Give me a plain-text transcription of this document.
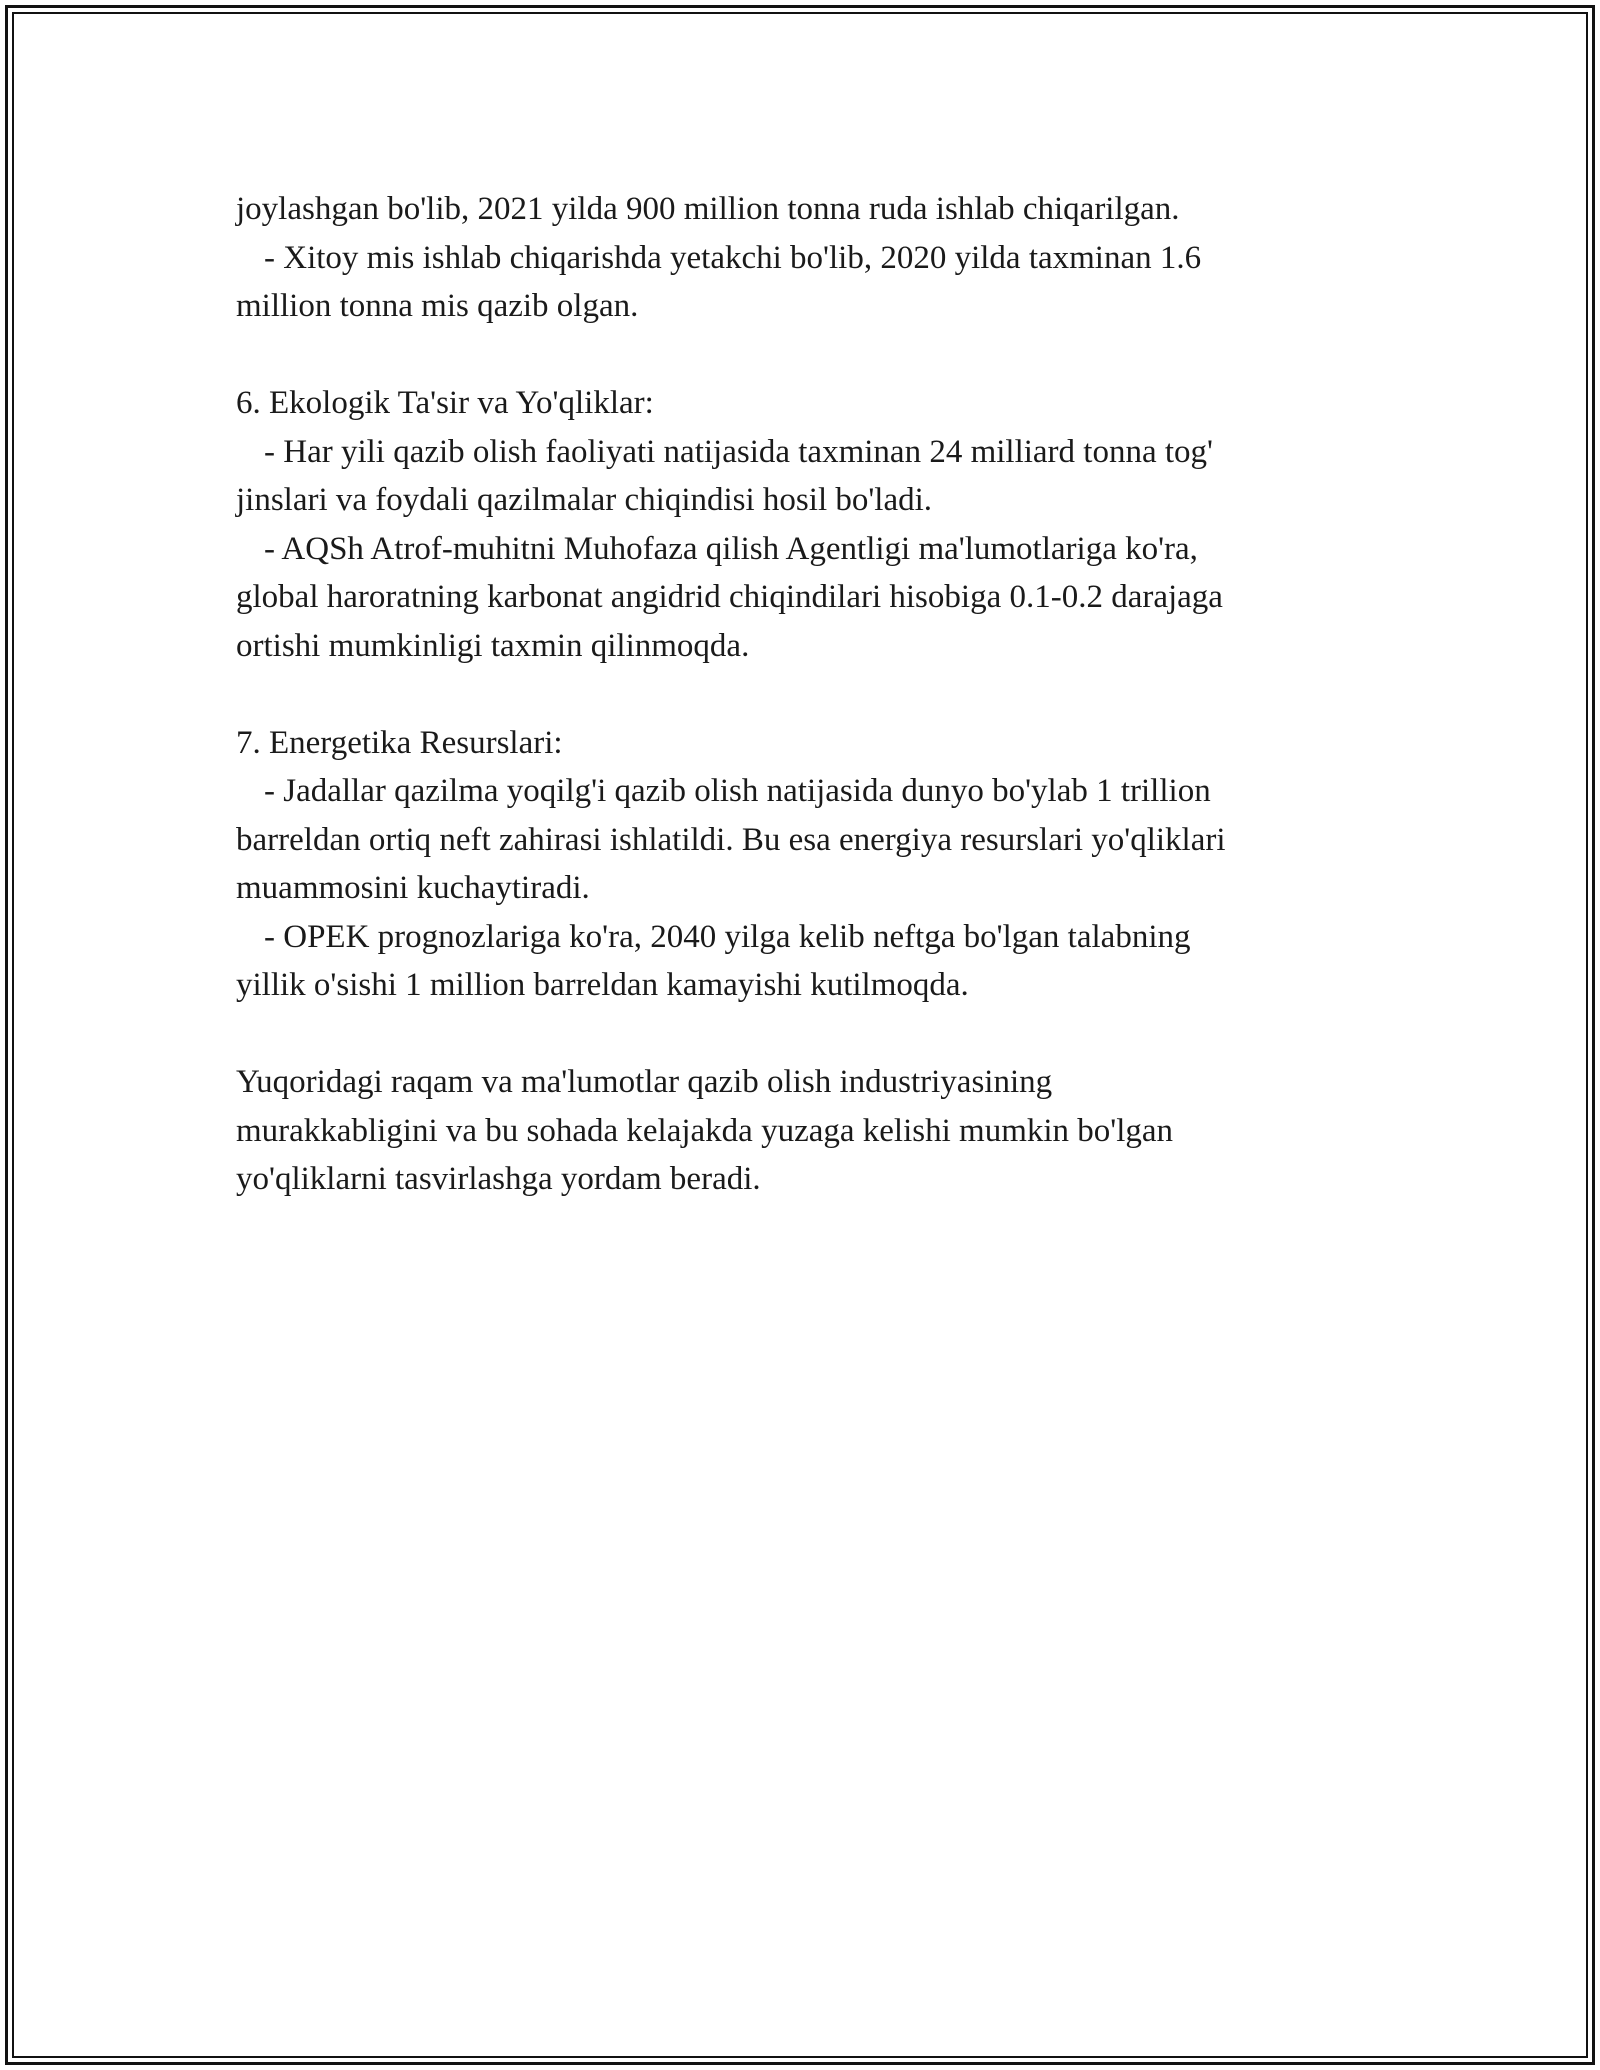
joylashgan bo'lib, 2021 yilda 900 million tonna ruda ishlab chiqarilgan.
- Xitoy mis ishlab chiqarishda yetakchi bo'lib, 2020 yilda taxminan 1.6
million tonna mis qazib olgan.
6. Ekologik Ta'sir va Yo'qliklar:
- Har yili qazib olish faoliyati natijasida taxminan 24 milliard tonna tog'
jinslari va foydali qazilmalar chiqindisi hosil bo'ladi.
- AQSh Atrof-muhitni Muhofaza qilish Agentligi ma'lumotlariga ko'ra,
global haroratning karbonat angidrid chiqindilari hisobiga 0.1-0.2 darajaga
ortishi mumkinligi taxmin qilinmoqda.
7. Energetika Resurslari:
- Jadallar qazilma yoqilg'i qazib olish natijasida dunyo bo'ylab 1 trillion
barreldan ortiq neft zahirasi ishlatildi. Bu esa energiya resurslari yo'qliklari
muammosini kuchaytiradi.
- OPEK prognozlariga ko'ra, 2040 yilga kelib neftga bo'lgan talabning
yillik o'sishi 1 million barreldan kamayishi kutilmoqda.
Yuqoridagi raqam va ma'lumotlar qazib olish industriyasining
murakkabligini va bu sohada kelajakda yuzaga kelishi mumkin bo'lgan
yo'qliklarni tasvirlashga yordam beradi.
